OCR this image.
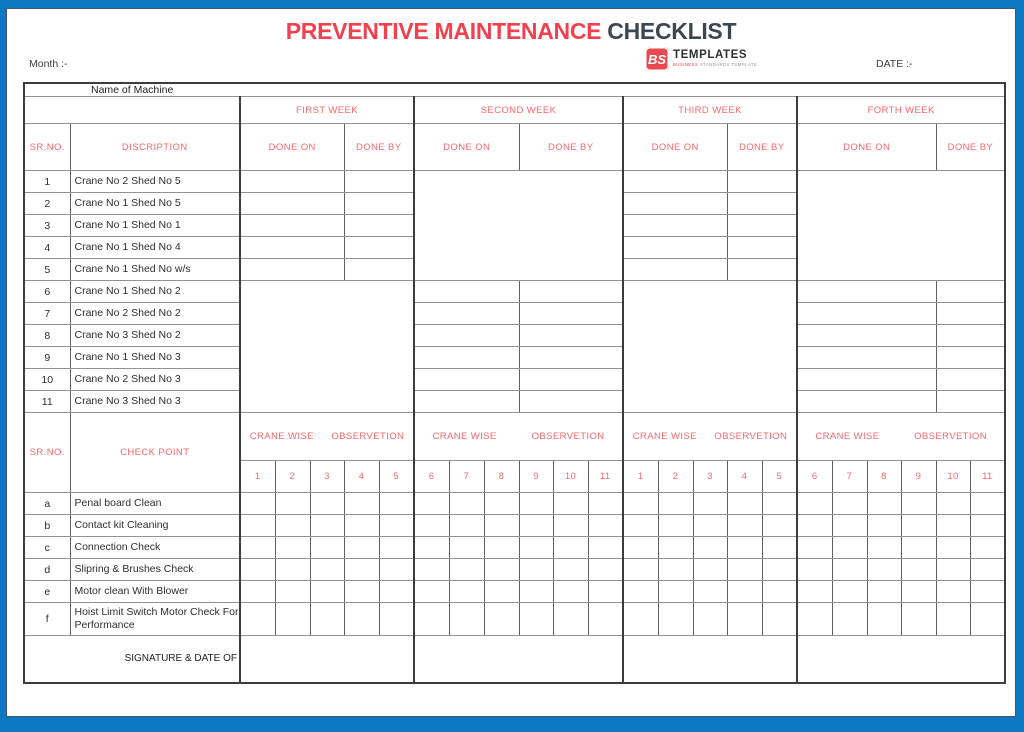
PREVENTIVE MAINTENANCE CHECKLIST
Month :-	DATE :-
BS TEMPLATES
BUSINESS STANDARDS TEMPLATE
Name of Machine																							
		FIRST WEEK					SECOND WEEK						THIRD WEEK					FORTH WEEK					
SR.NO.	DISCRIPTION	DONE ON			DONE BY		DONE ON			DONE BY			DONE ON			DONE BY		DONE ON				DONE BY	
1	Crane No 2 Shed No 5																						
2	Crane No 1 Shed No 5																						
3	Crane No 1 Shed No 1																						
4	Crane No 1 Shed No 4																						
5	Crane No 1 Shed No w/s																						
6	Crane No 1 Shed No 2																						
7	Crane No 2 Shed No 2																						
8	Crane No 3 Shed No 2																						
9	Crane No 1 Shed No 3																						
10	Crane No 2 Shed No 3																						
11	Crane No 3 Shed No 3																						
SR.NO.	CHECK POINT	CRANE WISE OBSERVETION					CRANE WISE OBSERVETION						CRANE WISE OBSERVETION					CRANE WISE OBSERVETION					

		1	2	3	4	5	6	7	8	9	10	11	1	2	3	4	5	6	7	8	9	10	11
a	Penal board Clean																						
b	Contact kit Cleaning																						
c	Connection Check																						
d	Slipring & Brushes Check																						
e	Motor clean With Blower																						
f	Hoist Limit Switch Motor Check For Performance																						
SIGNATURE & DATE OF																							
